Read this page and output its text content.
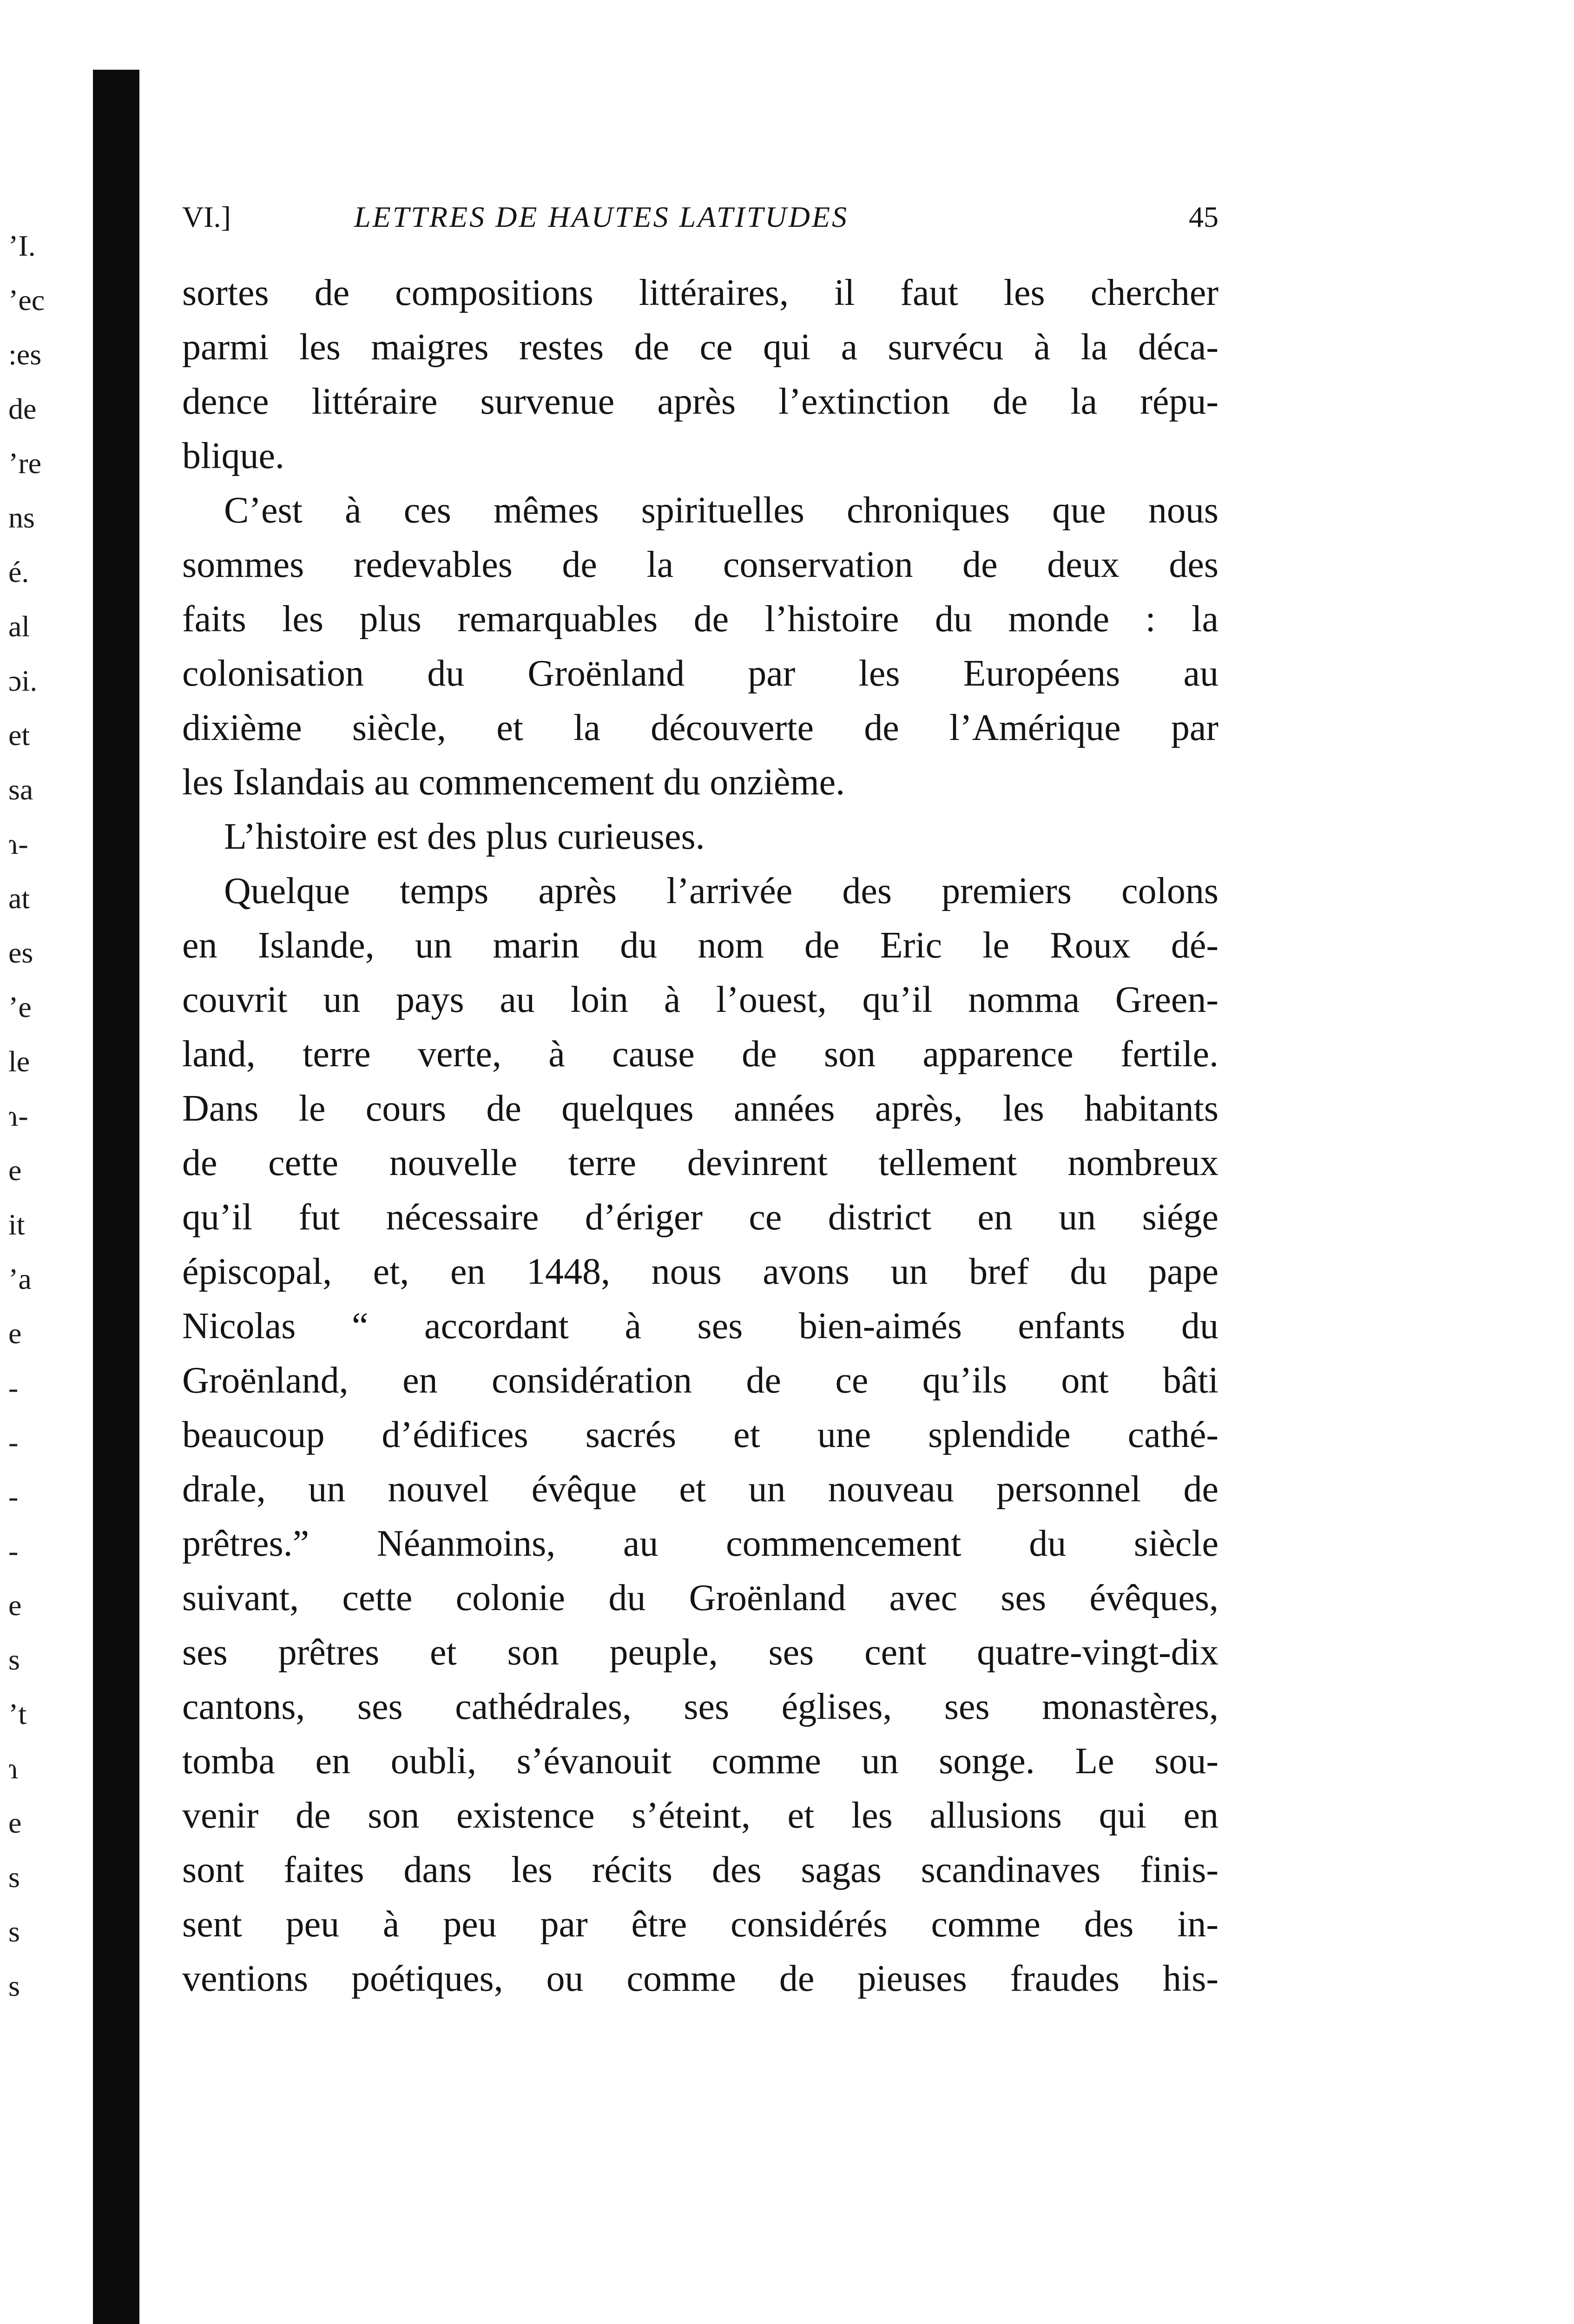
ʼI.
ʼec
:es
de
ʼre
ns
é.
al
ɔi.
et
sa
ɿ-
at
es
ʼe
le
ɿ-
e
it
ʼa
e
-
-
-
-
e
s
ʼt
ɿ
e
s
s
s
VI.]	LETTRES DE HAUTES LATITUDES	45
sortes de compositions littéraires, il faut les chercher
parmi les maigres restes de ce qui a survécu à la déca-
dence littéraire survenue après l’extinction de la répu-
blique.
C’est à ces mêmes spirituelles chroniques que nous
sommes redevables de la conservation de deux des
faits les plus remarquables de l’histoire du monde : la
colonisation du Groënland par les Européens au
dixième siècle, et la découverte de l’Amérique par
les Islandais au commencement du onzième.
L’histoire est des plus curieuses.
Quelque temps après l’arrivée des premiers colons
en Islande, un marin du nom de Eric le Roux dé-
couvrit un pays au loin à l’ouest, qu’il nomma Green-
land, terre verte, à cause de son apparence fertile.
Dans le cours de quelques années après, les habitants
de cette nouvelle terre devinrent tellement nombreux
qu’il fut nécessaire d’ériger ce district en un siége
épiscopal, et, en 1448, nous avons un bref du pape
Nicolas “ accordant à ses bien-aimés enfants du
Groënland, en considération de ce qu’ils ont bâti
beaucoup d’édifices sacrés et une splendide cathé-
drale, un nouvel évêque et un nouveau personnel de
prêtres.” Néanmoins, au commencement du siècle
suivant, cette colonie du Groënland avec ses évêques,
ses prêtres et son peuple, ses cent quatre-vingt-dix
cantons, ses cathédrales, ses églises, ses monastères,
tomba en oubli, s’évanouit comme un songe. Le sou-
venir de son existence s’éteint, et les allusions qui en
sont faites dans les récits des sagas scandinaves finis-
sent peu à peu par être considérés comme des in-
ventions poétiques, ou comme de pieuses fraudes his-
